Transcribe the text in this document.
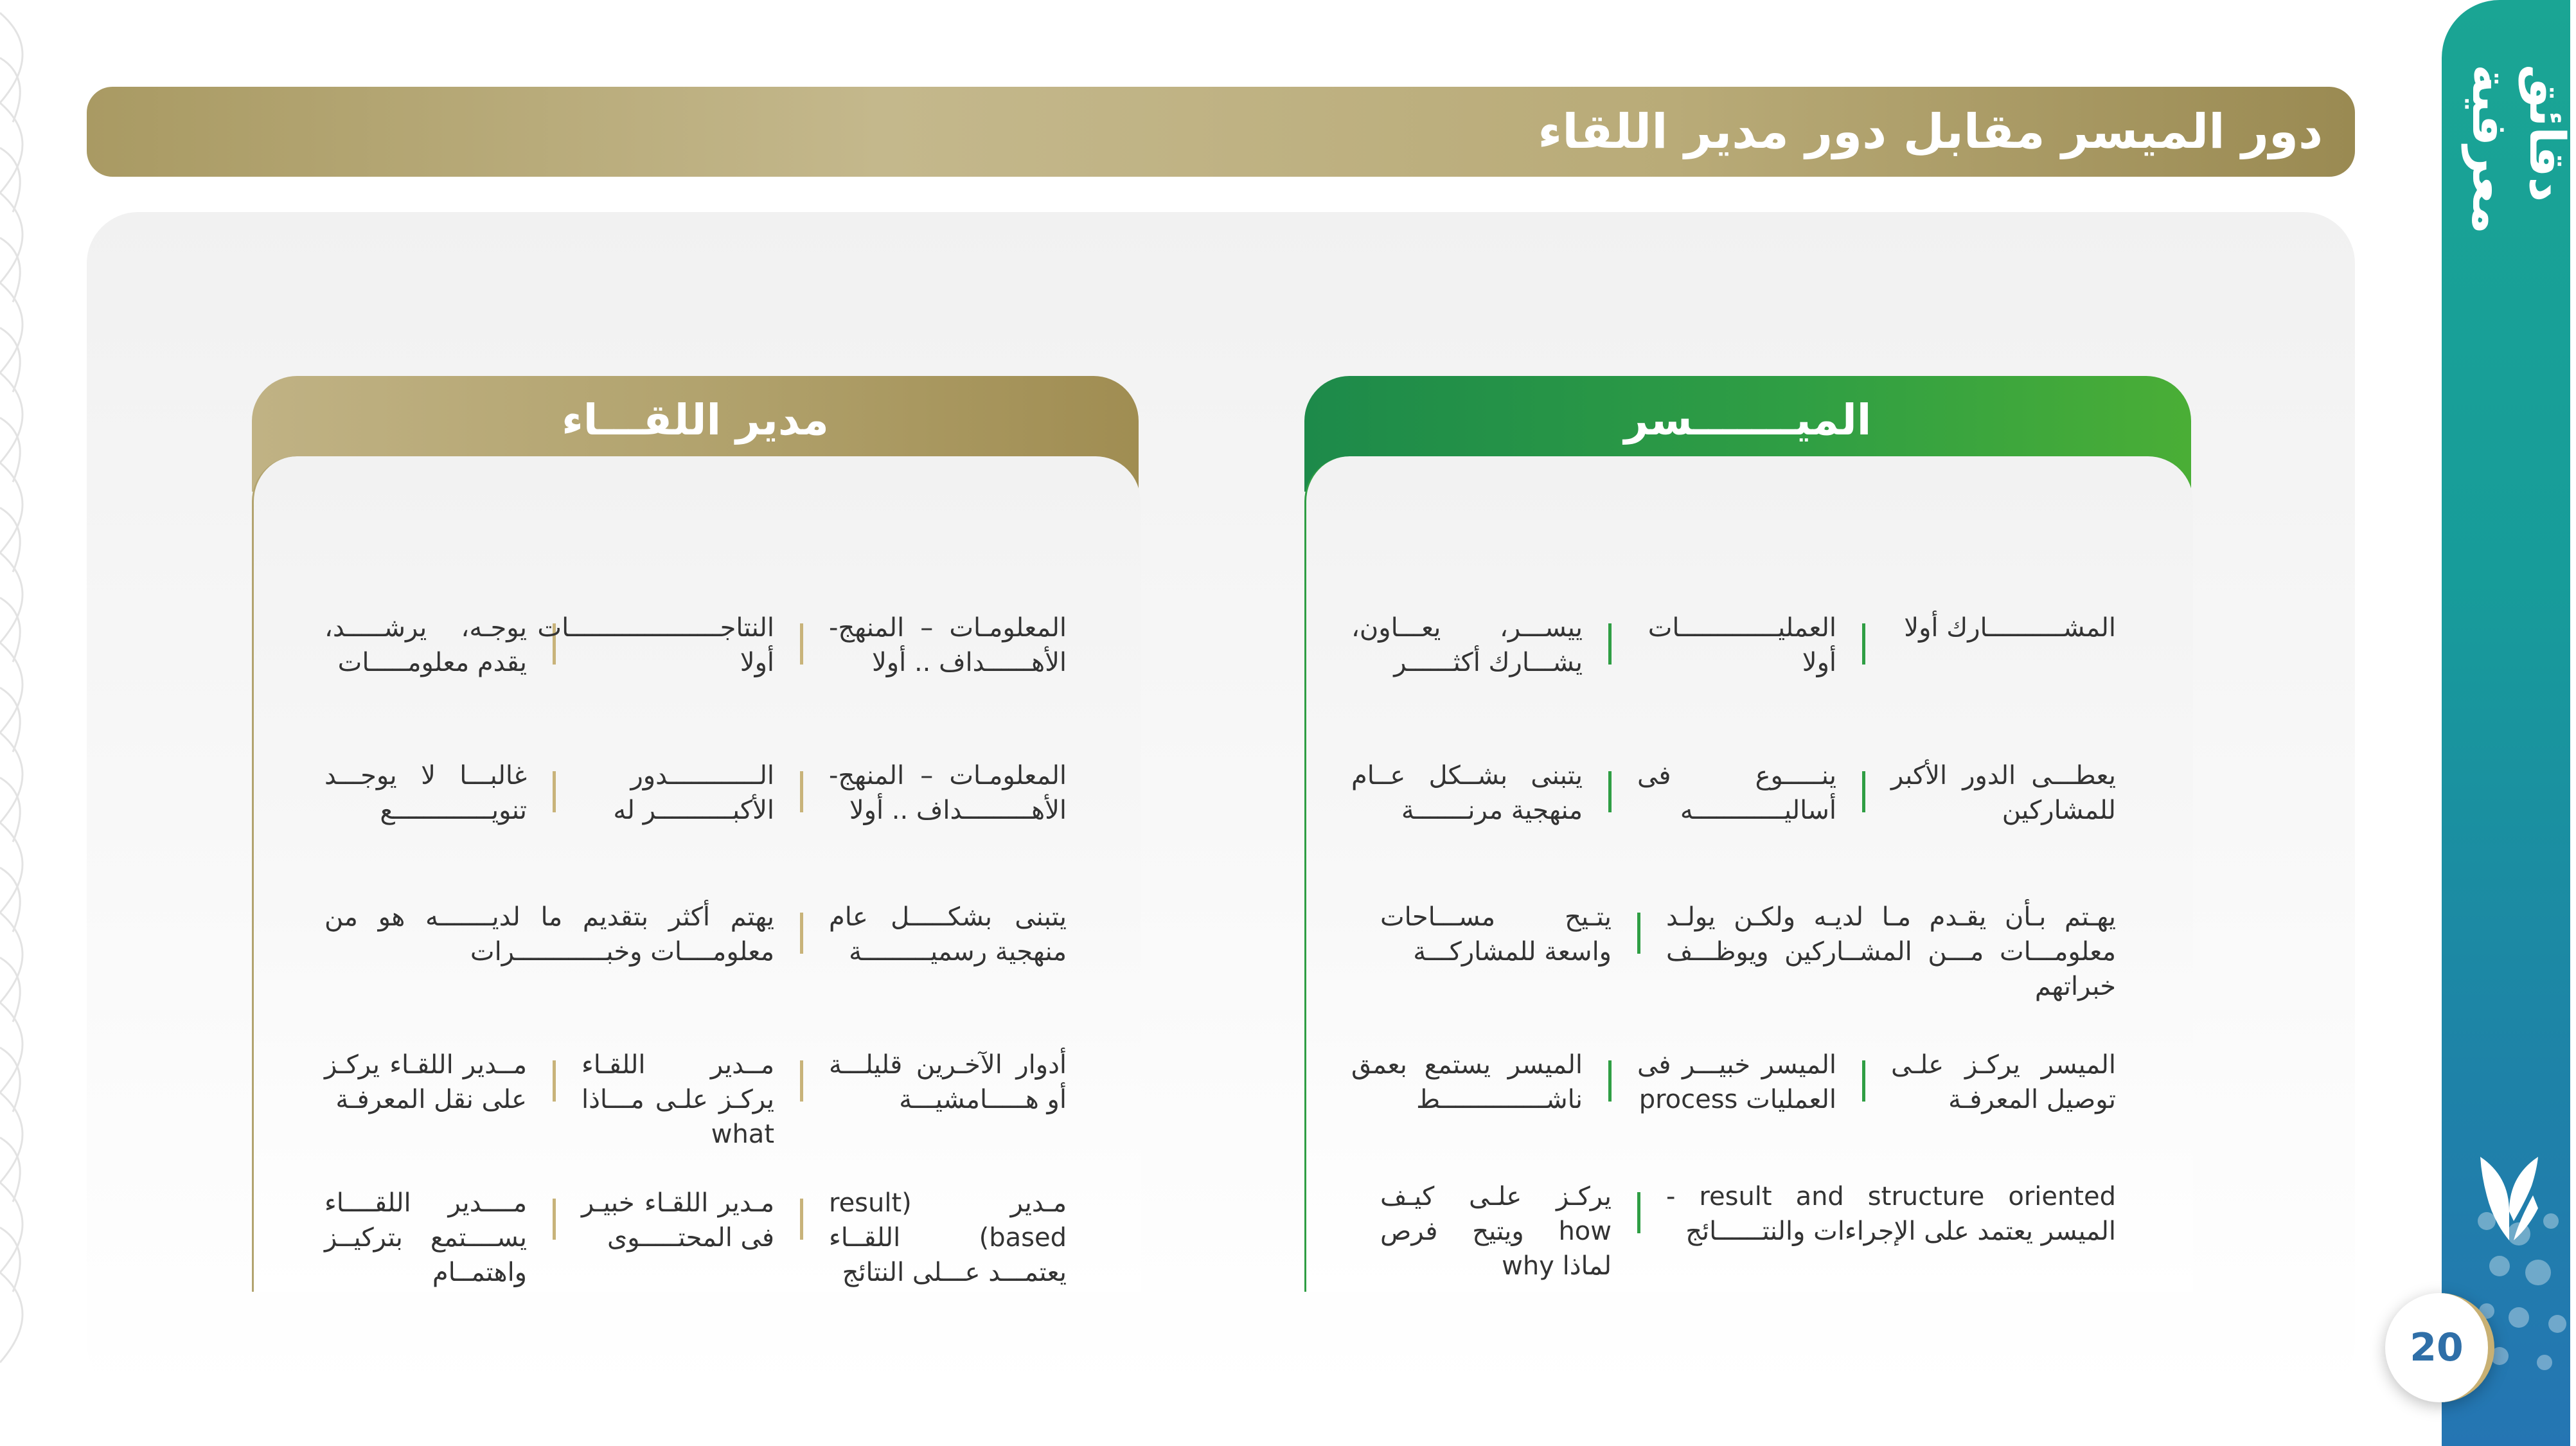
دقائق معرفية
20
دور الميسر مقابل دور مدير اللقاء
الميـــــــسر
المشــــــــــارك أولا
العمليـــــــــــــات أولا
ييســـر، يعـــاون، يشـــارك أكثــــــر
يعطـــى الدور الأكبر للمشاركين
ينـــــوع فى أساليــــــــــــه
يتبنى بشــكل عــام منهجية مرنـــــــة
يهـتم بـأن يقـدم مـا لديـه ولكـن يولـد معلومـــات مـــن المشــاركين ويوظـــف خبراتهم
يتـيح مســـاحات واسعة للمشاركـــة
الميسر يركـز علـى توصيل المعرفـة
الميسر خبيـــر فى العمليات process
الميسر يستمع بعمق ناشــــــــــــــط
result and structure oriented - الميسر يعتمد على الإجراءات والنتــــــائج
يركـز علـى كيـف how ويتيح فرص لماذا why
مدير اللقـــاء
المعلومـات – المنهج- الأهــــــداف .. أولا
النتاجــــــــــــــــــــات أولا
يوجـه، يرشـــــد، يقدم معلومـــــات
المعلومـات – المنهج- الأهـــــــــداف .. أولا
الــــــــــــدور الأكبــــــــــر له
غالبـــا لا يوجـــد تنويـــــــــــــع
يتبنى بشكـــــل عام منهجية رسميـــــــــة
يهتم أكثر بتقديم ما لديـــــــه هو من معلومــــات وخبــــــــــــرات
أدوار الآخـرين قليلـــة أو هـــــامشيـــة
مــدير اللقـاء يركـز علـى مـــاذا what
مــدير اللقـاء يركـز على نقل المعرفـة
مـدير (result based) اللقــاء يعتمـــد عـــلى النتائج
مـدير اللقـاء خبيـر فى المحتـــــوى
مــــدير اللقــــاء يســــتمع بتركيــز واهتمــام
